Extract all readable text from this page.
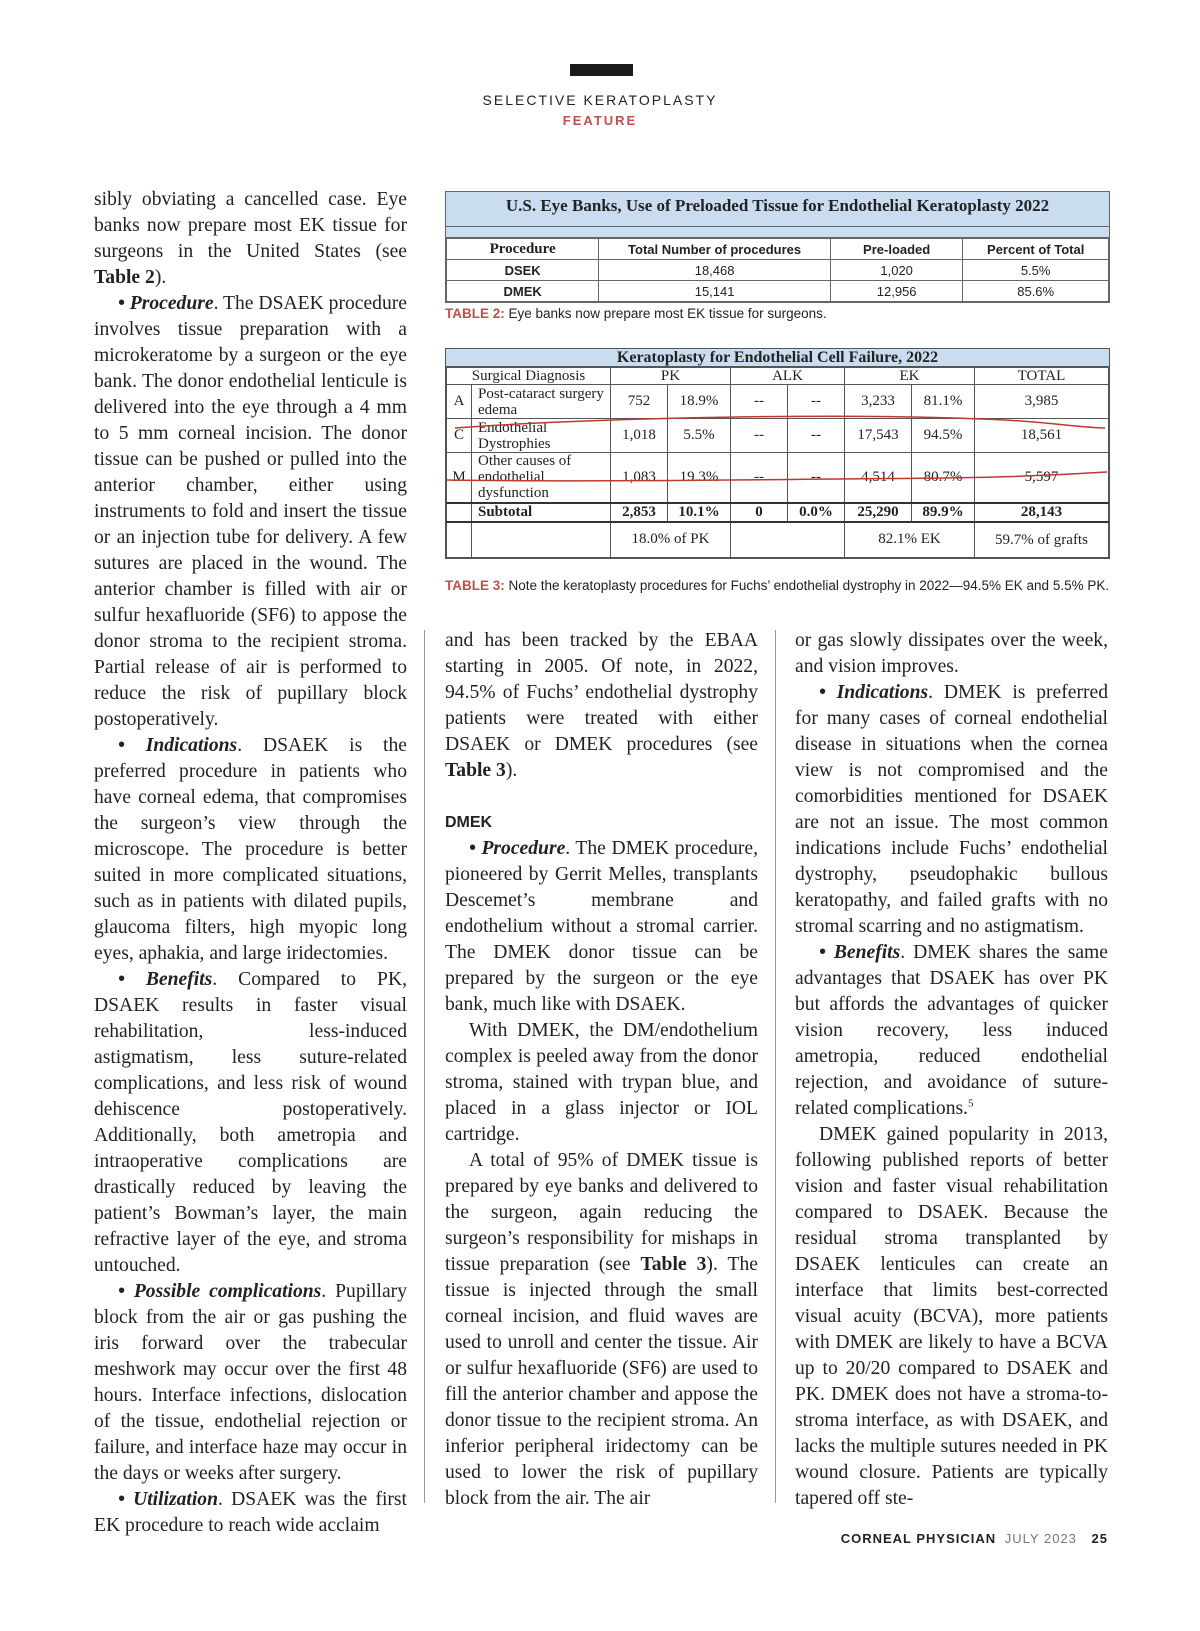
SELECTIVE KERATOPLASTY
FEATURE
U.S. Eye Banks, Use of Preloaded Tissue for Endothelial Keratoplasty 2022
Procedure	Total Number of procedures	Pre-loaded	Percent of Total
DSEK	18,468	1,020	5.5%
DMEK	15,141	12,956	85.6%
TABLE 2: Eye banks now prepare most EK tissue for surgeons.
Keratoplasty for Endothelial Cell Failure, 2022
Surgical Diagnosis		PK		ALK		EK		TOTAL
A	Post-cataract surgery edema	752	18.9%	--	--	3,233	81.1%	3,985
C	Endothelial Dystrophies	1,018	5.5%	--	--	17,543	94.5%	18,561
M	Other causes of endothelial dysfunction	1,083	19.3%	--	--	4,514	80.7%	5,597
	Subtotal	2,853	10.1%	0	0.0%	25,290	89.9%	28,143
		18.0% of PK				82.1% EK		59.7% of grafts
TABLE 3: Note the keratoplasty procedures for Fuchs’ endothelial dystrophy in 2022—94.5% EK and 5.5% PK.

sibly obviating a cancelled case. Eye banks now prepare most EK tissue for surgeons in the United States (see Table 2).

• Procedure. The DSAEK procedure involves tissue preparation with a microkeratome by a surgeon or the eye bank. The donor endothelial lenticule is delivered into the eye through a 4 mm to 5 mm corneal incision. The donor tissue can be pushed or pulled into the anterior chamber, either using instruments to fold and insert the tissue or an injection tube for delivery. A few sutures are placed in the wound. The anterior chamber is filled with air or sulfur hexafluoride (SF6) to appose the donor stroma to the recipient stroma. Partial release of air is performed to reduce the risk of pupillary block postoperatively.

• Indications. DSAEK is the preferred procedure in patients who have corneal edema, that compromises the surgeon’s view through the microscope. The procedure is better suited in more complicated situations, such as in patients with dilated pupils, glaucoma filters, high myopic long eyes, aphakia, and large iridectomies.

• Benefits. Compared to PK, DSAEK results in faster visual rehabilitation, less-induced astigmatism, less suture-related complications, and less risk of wound dehiscence postoperatively. Additionally, both ametropia and intraoperative complications are drastically reduced by leaving the patient’s Bowman’s layer, the main refractive layer of the eye, and stroma untouched.

• Possible complications. Pupillary block from the air or gas pushing the iris forward over the trabecular meshwork may occur over the first 48 hours. Interface infections, dislocation of the tissue, endothelial rejection or failure, and interface haze may occur in the days or weeks after surgery.

• Utilization. DSAEK was the first EK procedure to reach wide acclaim

and has been tracked by the EBAA starting in 2005. Of note, in 2022, 94.5% of Fuchs’ endothelial dystrophy patients were treated with either DSAEK or DMEK procedures (see Table 3).

DMEK

• Procedure. The DMEK procedure, pioneered by Gerrit Melles, transplants Descemet’s membrane and endothelium without a stromal carrier. The DMEK donor tissue can be prepared by the surgeon or the eye bank, much like with DSAEK.

With DMEK, the DM/endothelium complex is peeled away from the donor stroma, stained with trypan blue, and placed in a glass injector or IOL cartridge.

A total of 95% of DMEK tissue is prepared by eye banks and delivered to the surgeon, again reducing the surgeon’s responsibility for mishaps in tissue preparation (see Table 3). The tissue is injected through the small corneal incision, and fluid waves are used to unroll and center the tissue. Air or sulfur hexafluoride (SF6) are used to fill the anterior chamber and appose the donor tissue to the recipient stroma. An inferior peripheral iridectomy can be used to lower the risk of pupillary block from the air. The air

or gas slowly dissipates over the week, and vision improves.

• Indications. DMEK is preferred for many cases of corneal endothelial disease in situations when the cornea view is not compromised and the comorbidities mentioned for DSAEK are not an issue. The most common indications include Fuchs’ endothelial dystrophy, pseudophakic bullous keratopathy, and failed grafts with no stromal scarring and no astigmatism.

• Benefits. DMEK shares the same advantages that DSAEK has over PK but affords the advantages of quicker vision recovery, less induced ametropia, reduced endothelial rejection, and avoidance of suture-related complications.$^5$

DMEK gained popularity in 2013, following published reports of better vision and faster visual rehabilitation compared to DSAEK. Because the residual stroma transplanted by DSAEK lenticules can create an interface that limits best-corrected visual acuity (BCVA), more patients with DMEK are likely to have a BCVA up to 20/20 compared to DSAEK and PK. DMEK does not have a stroma-to-stroma interface, as with DSAEK, and lacks the multiple sutures needed in PK wound closure. Patients are typically tapered off ste-

CORNEAL PHYSICIAN JULY 2023 25
